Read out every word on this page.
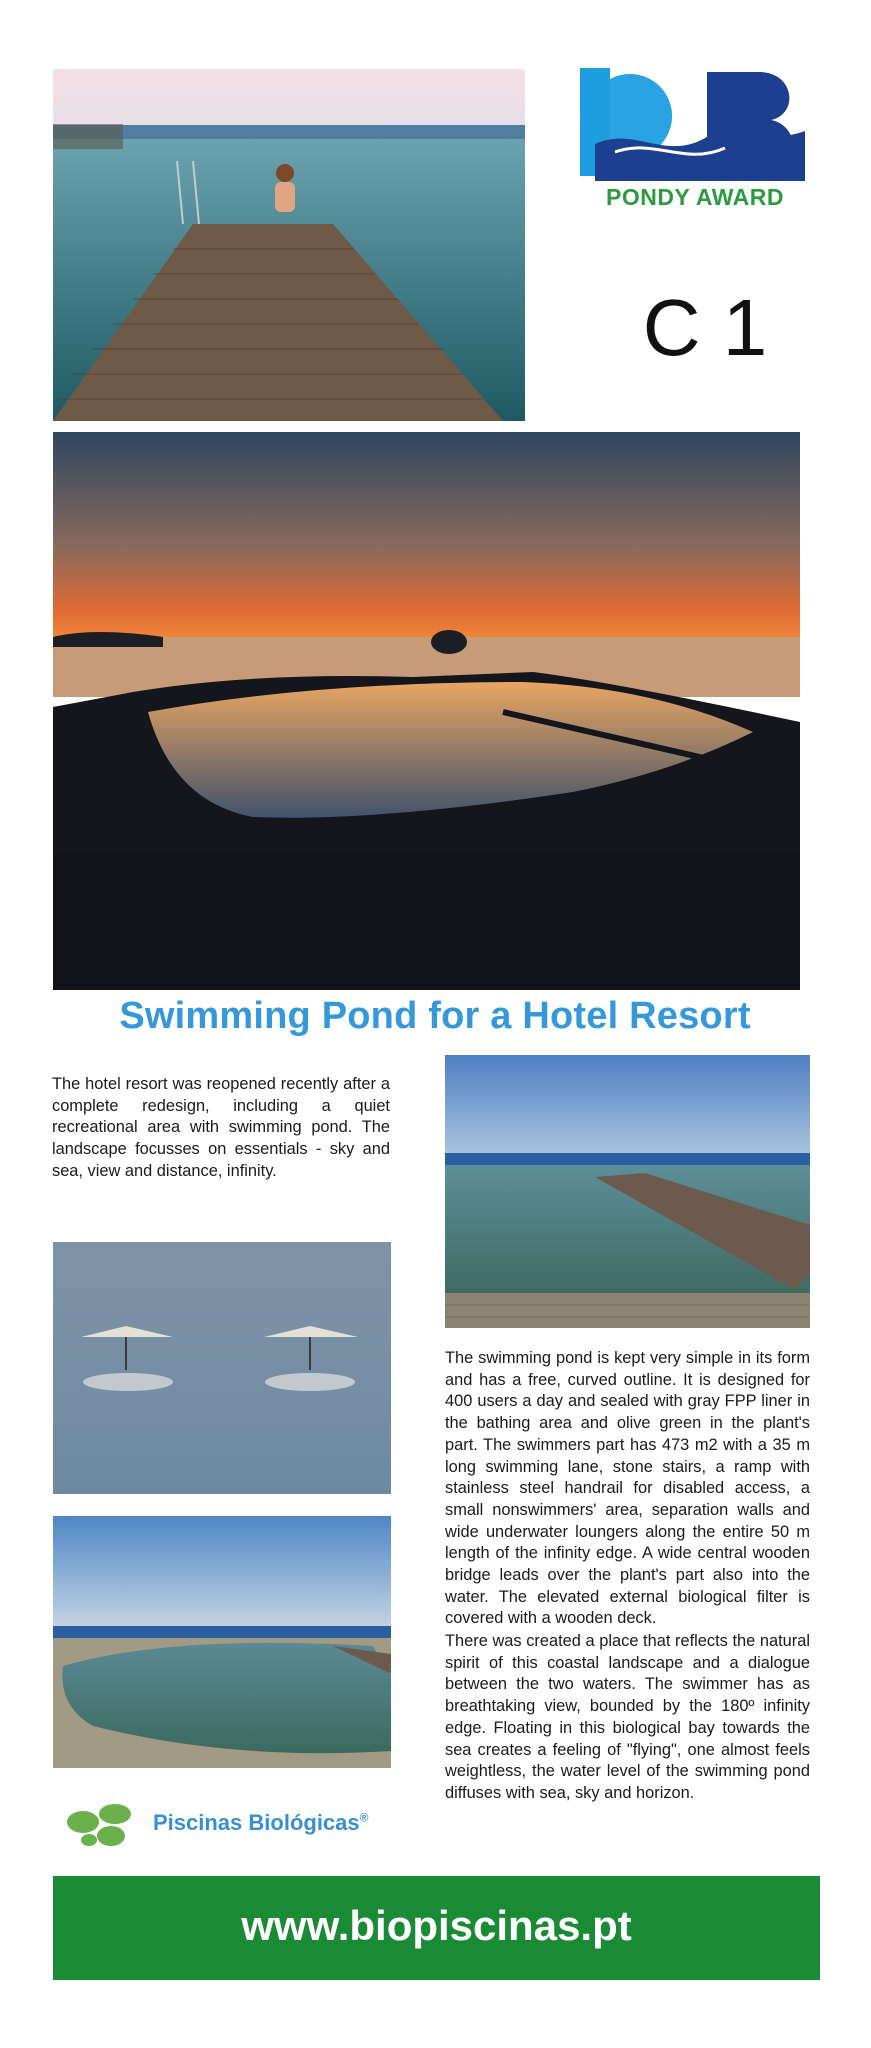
PONDY AWARD
C 1
Swimming Pond for a Hotel Resort
The hotel resort was reopened recently after a complete redesign, including a quiet recreational area with swimming pond. The landscape focusses on essentials - sky and sea, view and distance, infinity.
The swimming pond is kept very simple in its form and has a free, curved outline. It is designed for 400 users a day and sealed with gray FPP liner in the bathing area and olive green in the plant's part. The swimmers part has 473 m2 with a 35 m long swimming lane, stone stairs, a ramp with stainless steel handrail for disabled access, a small nonswimmers' area, separation walls and wide underwater loungers along the entire 50 m length of the infinity edge. A wide central wooden bridge leads over the plant's part also into the water. The elevated external biological filter is covered with a wooden deck.
There was created a place that reflects the natural spirit of this coastal landscape and a dialogue between the two waters. The swimmer has as breathtaking view, bounded by the 180º infinity edge. Floating in this biological bay towards the sea creates a feeling of "flying", one almost feels weightless, the water level of the swimming pond diffuses with sea, sky and horizon.
Piscinas Biológicas®
www.biopiscinas.pt
